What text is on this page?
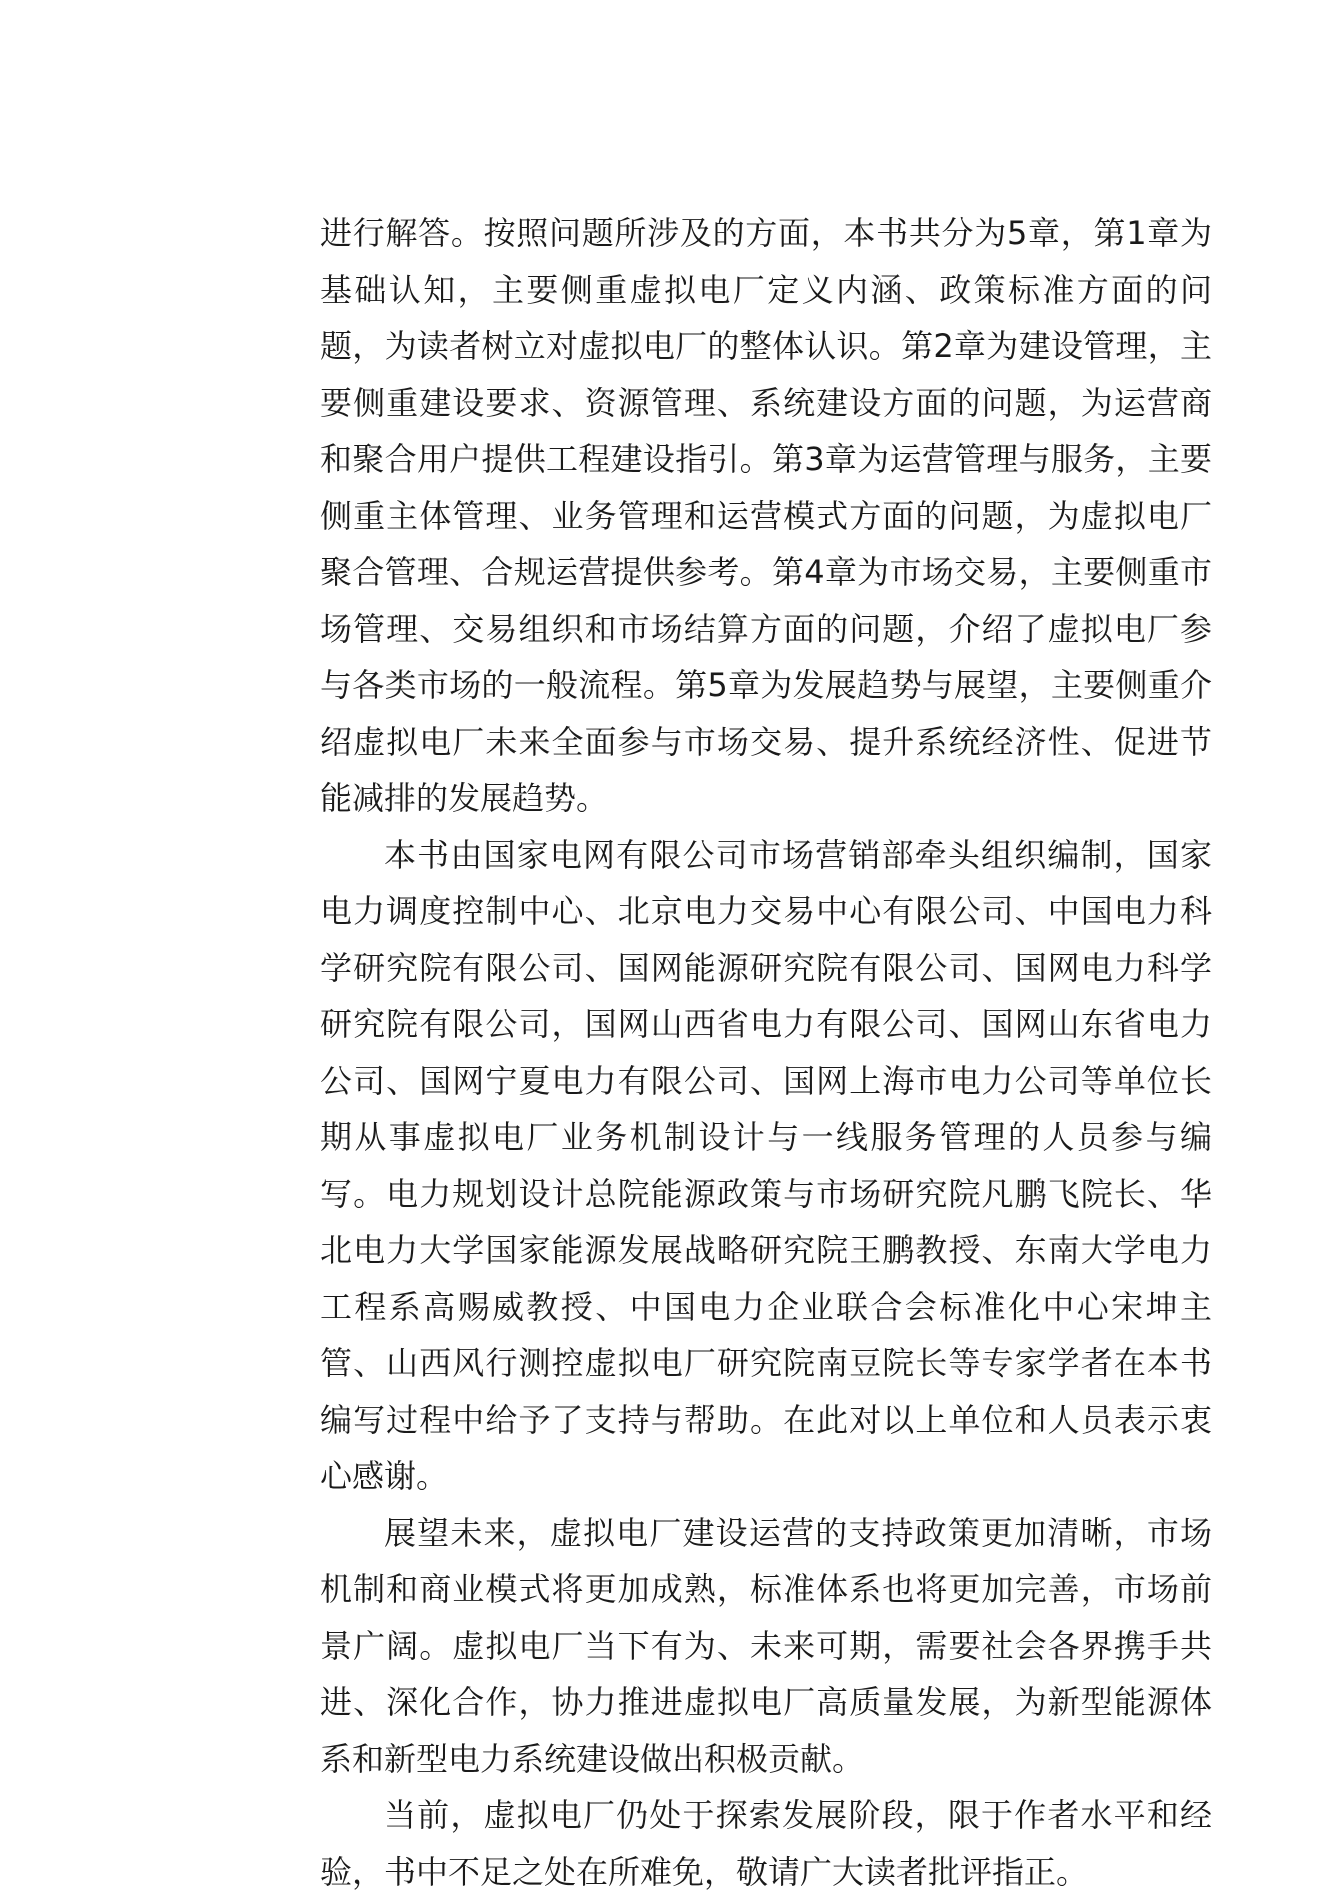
进行解答。按照问题所涉及的方面，本书共分为5章，第1章为基础认知，主要侧重虚拟电厂定义内涵、政策标准方面的问题，为读者树立对虚拟电厂的整体认识。第2章为建设管理，主要侧重建设要求、资源管理、系统建设方面的问题，为运营商和聚合用户提供工程建设指引。第3章为运营管理与服务，主要侧重主体管理、业务管理和运营模式方面的问题，为虚拟电厂聚合管理、合规运营提供参考。第4章为市场交易，主要侧重市场管理、交易组织和市场结算方面的问题，介绍了虚拟电厂参与各类市场的一般流程。第5章为发展趋势与展望，主要侧重介绍虚拟电厂未来全面参与市场交易、提升系统经济性、促进节能减排的发展趋势。

本书由国家电网有限公司市场营销部牵头组织编制，国家电力调度控制中心、北京电力交易中心有限公司、中国电力科学研究院有限公司、国网能源研究院有限公司、国网电力科学研究院有限公司，国网山西省电力有限公司、国网山东省电力公司、国网宁夏电力有限公司、国网上海市电力公司等单位长期从事虚拟电厂业务机制设计与一线服务管理的人员参与编写。电力规划设计总院能源政策与市场研究院凡鹏飞院长、华北电力大学国家能源发展战略研究院王鹏教授、东南大学电力工程系高赐威教授、中国电力企业联合会标准化中心宋坤主管、山西风行测控虚拟电厂研究院南豆院长等专家学者在本书编写过程中给予了支持与帮助。在此对以上单位和人员表示衷心感谢。

展望未来，虚拟电厂建设运营的支持政策更加清晰，市场机制和商业模式将更加成熟，标准体系也将更加完善，市场前景广阔。虚拟电厂当下有为、未来可期，需要社会各界携手共进、深化合作，协力推进虚拟电厂高质量发展，为新型能源体系和新型电力系统建设做出积极贡献。

当前，虚拟电厂仍处于探索发展阶段，限于作者水平和经验，书中不足之处在所难免，敬请广大读者批评指正。
